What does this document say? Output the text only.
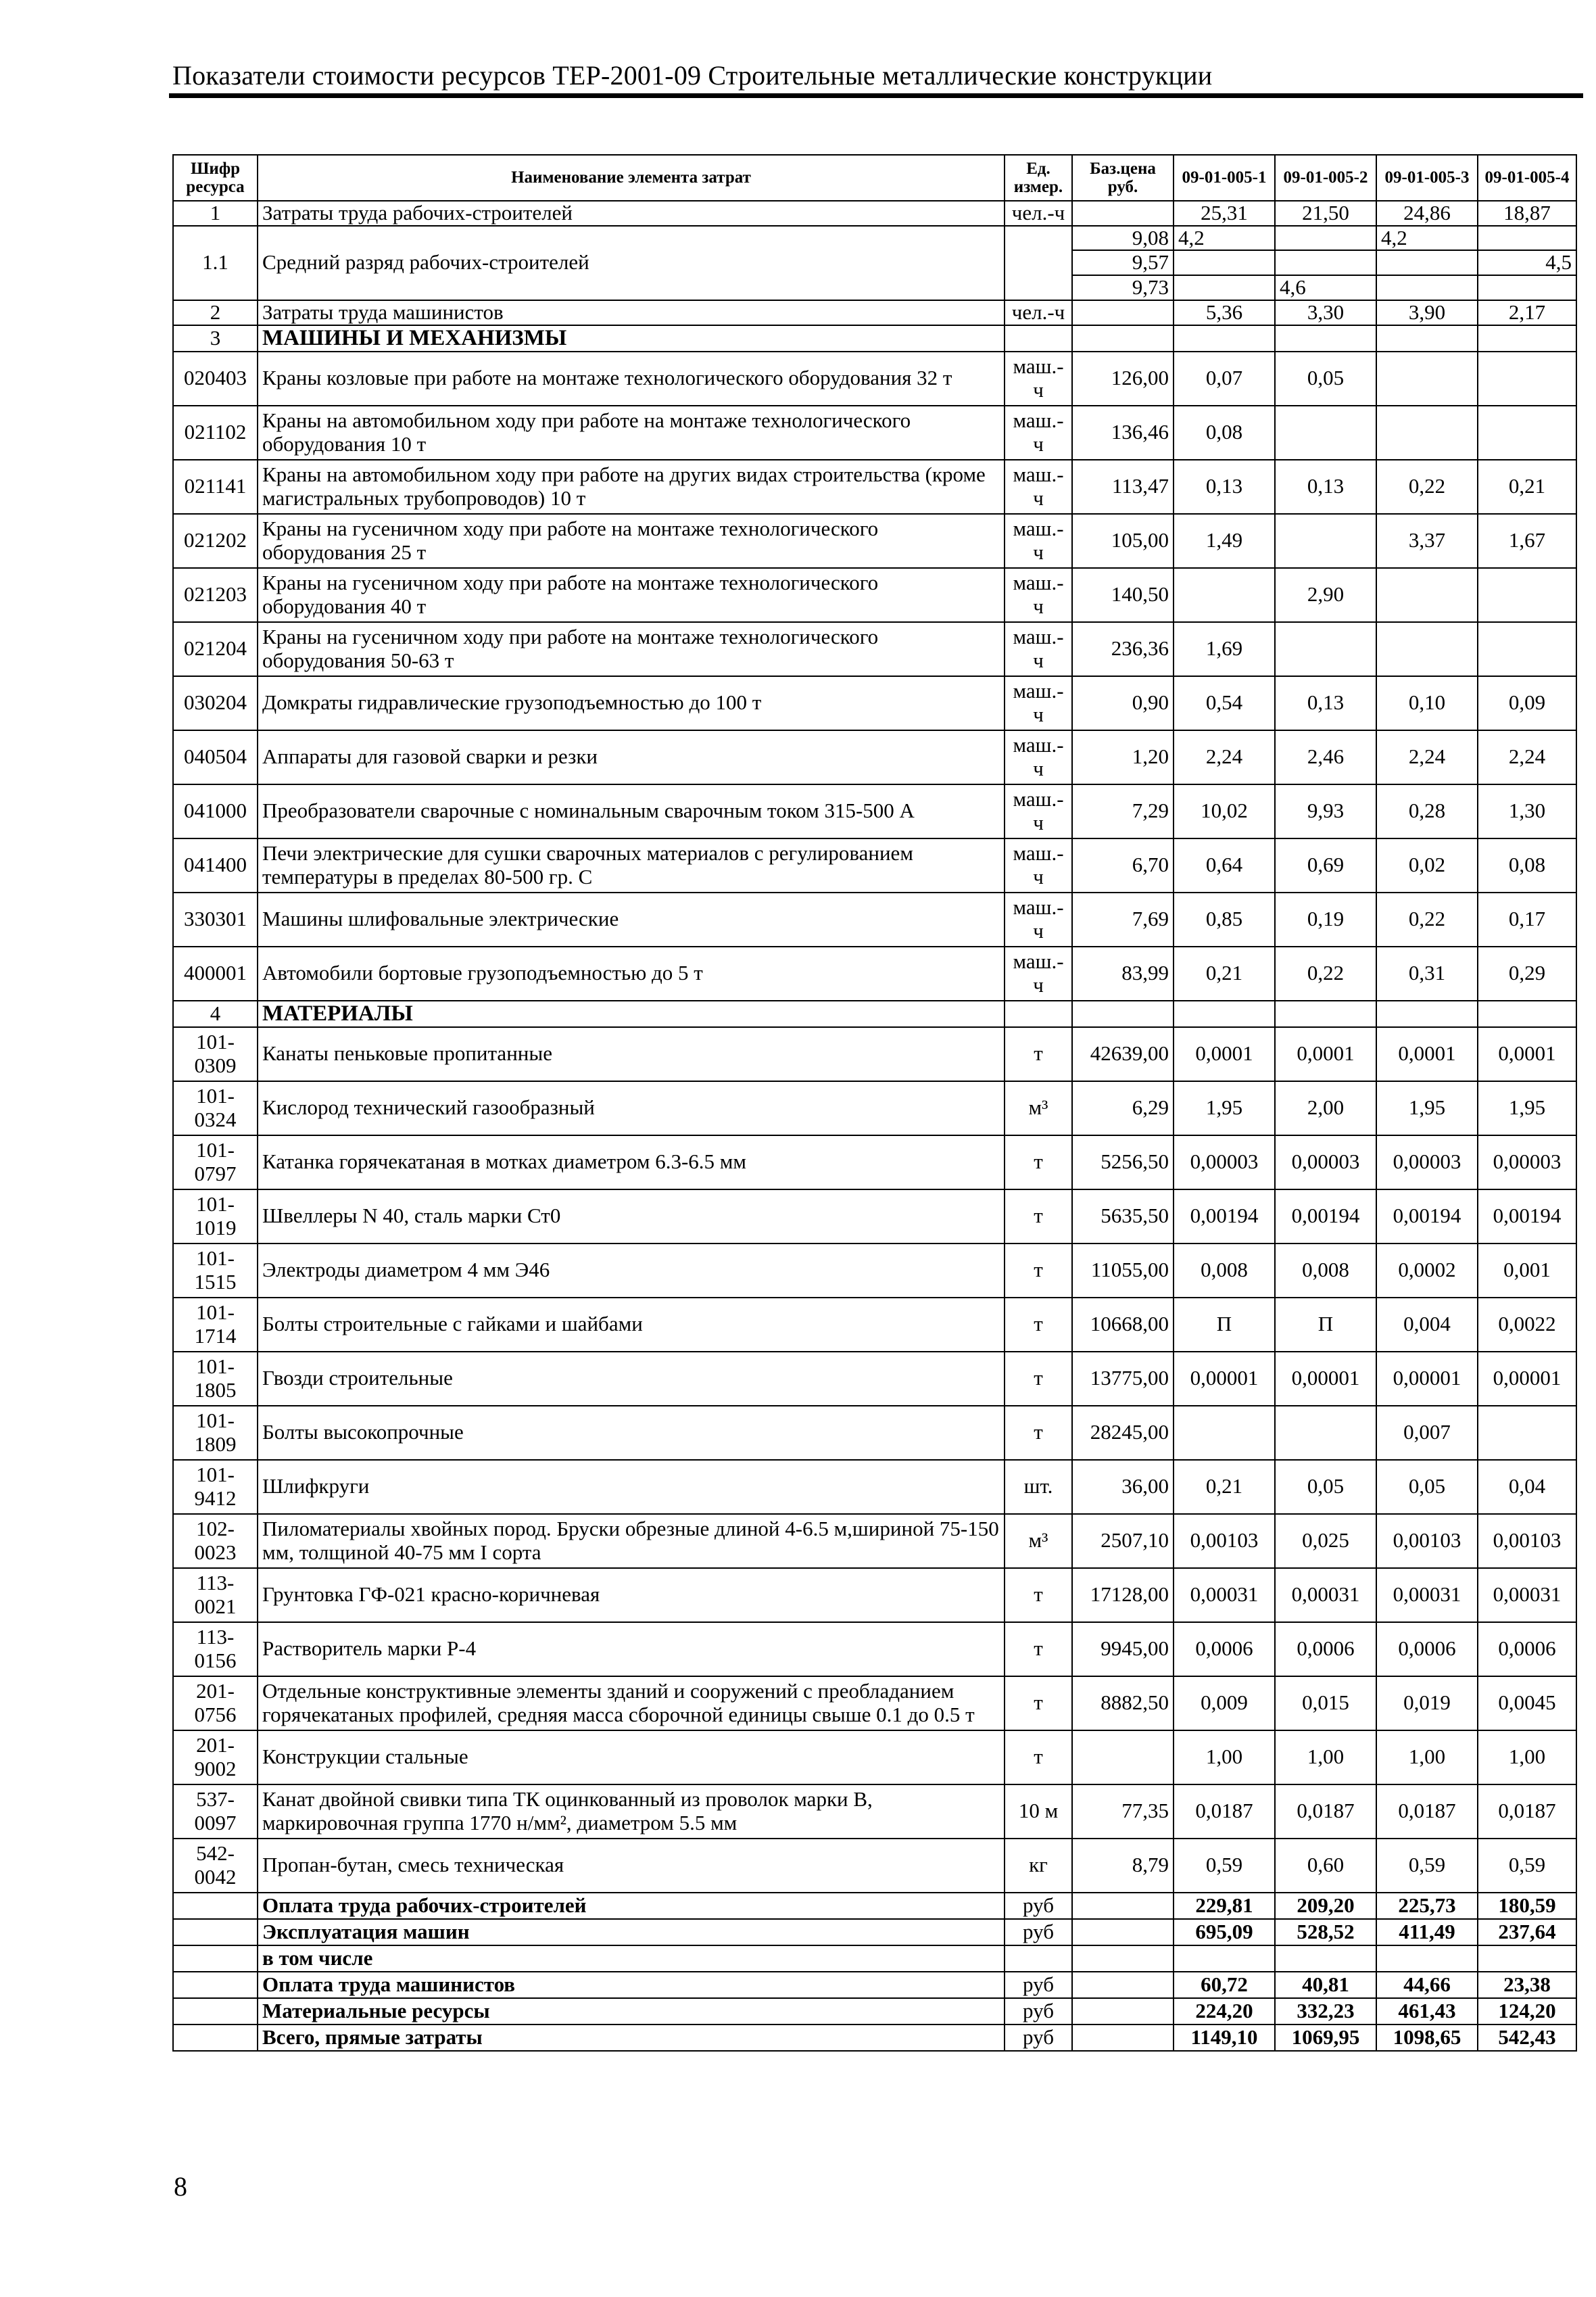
Показатели стоимости ресурсов ТЕР-2001-09 Строительные металлические конструкции
Шифр ресурса	Наименование элемента затрат	Ед. измер.	Баз.цена руб.	09-01-005-1	09-01-005-2	09-01-005-3	09-01-005-4
1	Затраты труда рабочих-строителей	чел.-ч		25,31	21,50	24,86	18,87
1.1	Средний разряд рабочих-строителей		9,08	4,2		4,2	
			9,57				4,5
			9,73		4,6		
2	Затраты труда машинистов	чел.-ч		5,36	3,30	3,90	2,17
3	МАШИНЫ И МЕХАНИЗМЫ						
020403	Краны козловые при работе на монтаже технологического оборудования 32 т	маш.-ч	126,00	0,07	0,05		
021102	Краны на автомобильном ходу при работе на монтаже технологического оборудования 10 т	маш.-ч	136,46	0,08			
021141	Краны на автомобильном ходу при работе на других видах строительства (кроме магистральных трубопроводов) 10 т	маш.-ч	113,47	0,13	0,13	0,22	0,21
021202	Краны на гусеничном ходу при работе на монтаже технологического оборудования 25 т	маш.-ч	105,00	1,49		3,37	1,67
021203	Краны на гусеничном ходу при работе на монтаже технологического оборудования 40 т	маш.-ч	140,50		2,90		
021204	Краны на гусеничном ходу при работе на монтаже технологического оборудования 50-63 т	маш.-ч	236,36	1,69			
030204	Домкраты гидравлические грузоподъемностью до 100 т	маш.-ч	0,90	0,54	0,13	0,10	0,09
040504	Аппараты для газовой сварки и резки	маш.-ч	1,20	2,24	2,46	2,24	2,24
041000	Преобразователи сварочные с номинальным сварочным током 315-500 А	маш.-ч	7,29	10,02	9,93	0,28	1,30
041400	Печи электрические для сушки сварочных материалов с регулированием температуры в пределах 80-500 гр. С	маш.-ч	6,70	0,64	0,69	0,02	0,08
330301	Машины шлифовальные электрические	маш.-ч	7,69	0,85	0,19	0,22	0,17
400001	Автомобили бортовые грузоподъемностью до 5 т	маш.-ч	83,99	0,21	0,22	0,31	0,29
4	МАТЕРИАЛЫ						
101-0309	Канаты пеньковые пропитанные	т	42639,00	0,0001	0,0001	0,0001	0,0001
101-0324	Кислород технический газообразный	м³	6,29	1,95	2,00	1,95	1,95
101-0797	Катанка горячекатаная в мотках диаметром 6.3-6.5 мм	т	5256,50	0,00003	0,00003	0,00003	0,00003
101-1019	Швеллеры N 40, сталь марки Ст0	т	5635,50	0,00194	0,00194	0,00194	0,00194
101-1515	Электроды диаметром 4 мм Э46	т	11055,00	0,008	0,008	0,0002	0,001
101-1714	Болты строительные с гайками и шайбами	т	10668,00	П	П	0,004	0,0022
101-1805	Гвозди строительные	т	13775,00	0,00001	0,00001	0,00001	0,00001
101-1809	Болты высокопрочные	т	28245,00			0,007	
101-9412	Шлифкруги	шт.	36,00	0,21	0,05	0,05	0,04
102-0023	Пиломатериалы хвойных пород. Бруски обрезные длиной 4-6.5 м,шириной 75-150 мм, толщиной 40-75 мм I сорта	м³	2507,10	0,00103	0,025	0,00103	0,00103
113-0021	Грунтовка ГФ-021 красно-коричневая	т	17128,00	0,00031	0,00031	0,00031	0,00031
113-0156	Растворитель марки Р-4	т	9945,00	0,0006	0,0006	0,0006	0,0006
201-0756	Отдельные конструктивные элементы зданий и сооружений с преобладанием горячекатаных профилей, средняя масса сборочной единицы свыше 0.1 до 0.5 т	т	8882,50	0,009	0,015	0,019	0,0045
201-9002	Конструкции стальные	т		1,00	1,00	1,00	1,00
537-0097	Канат двойной свивки типа ТК оцинкованный из проволок марки В, маркировочная группа 1770 н/мм², диаметром 5.5 мм	10 м	77,35	0,0187	0,0187	0,0187	0,0187
542-0042	Пропан-бутан, смесь техническая	кг	8,79	0,59	0,60	0,59	0,59
	Оплата труда рабочих-строителей	руб		229,81	209,20	225,73	180,59
	Эксплуатация машин	руб		695,09	528,52	411,49	237,64
	в том числе						
	Оплата труда машинистов	руб		60,72	40,81	44,66	23,38
	Материальные ресурсы	руб		224,20	332,23	461,43	124,20
	Всего, прямые затраты	руб		1149,10	1069,95	1098,65	542,43
8
